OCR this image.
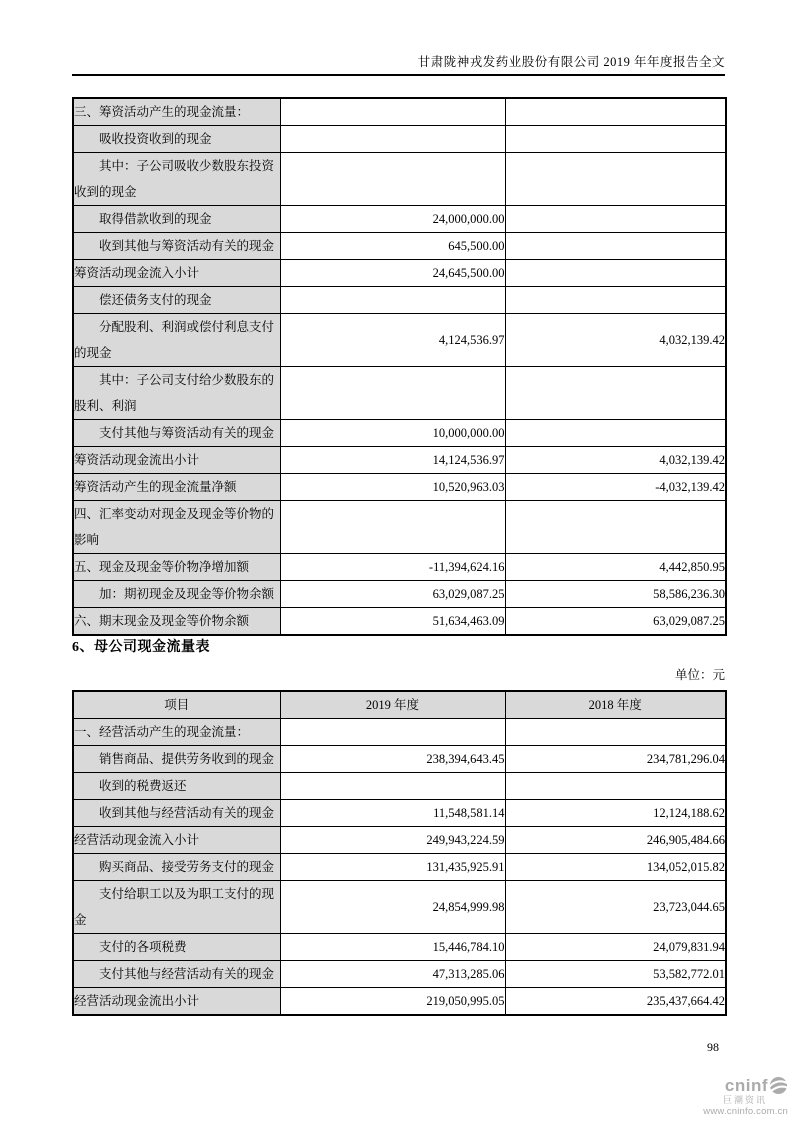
甘肃陇神戎发药业股份有限公司 2019 年年度报告全文
三、筹资活动产生的现金流量：		
吸收投资收到的现金		
其中：子公司吸收少数股东投资收到的现金		
取得借款收到的现金	24,000,000.00	
收到其他与筹资活动有关的现金	645,500.00	
筹资活动现金流入小计	24,645,500.00	
偿还债务支付的现金		
分配股利、利润或偿付利息支付的现金	4,124,536.97	4,032,139.42
其中：子公司支付给少数股东的股利、利润		
支付其他与筹资活动有关的现金	10,000,000.00	
筹资活动现金流出小计	14,124,536.97	4,032,139.42
筹资活动产生的现金流量净额	10,520,963.03	-4,032,139.42
四、汇率变动对现金及现金等价物的影响		
五、现金及现金等价物净增加额	-11,394,624.16	4,442,850.95
加：期初现金及现金等价物余额	63,029,087.25	58,586,236.30
六、期末现金及现金等价物余额	51,634,463.09	63,029,087.25
6、母公司现金流量表
单位：元
项目	2019 年度	2018 年度
一、经营活动产生的现金流量：		
销售商品、提供劳务收到的现金	238,394,643.45	234,781,296.04
收到的税费返还		
收到其他与经营活动有关的现金	11,548,581.14	12,124,188.62
经营活动现金流入小计	249,943,224.59	246,905,484.66
购买商品、接受劳务支付的现金	131,435,925.91	134,052,015.82
支付给职工以及为职工支付的现金	24,854,999.98	23,723,044.65
支付的各项税费	15,446,784.10	24,079,831.94
支付其他与经营活动有关的现金	47,313,285.06	53,582,772.01
经营活动现金流出小计	219,050,995.05	235,437,664.42
98
cninf
巨潮资讯
www.cninfo.com.cn
